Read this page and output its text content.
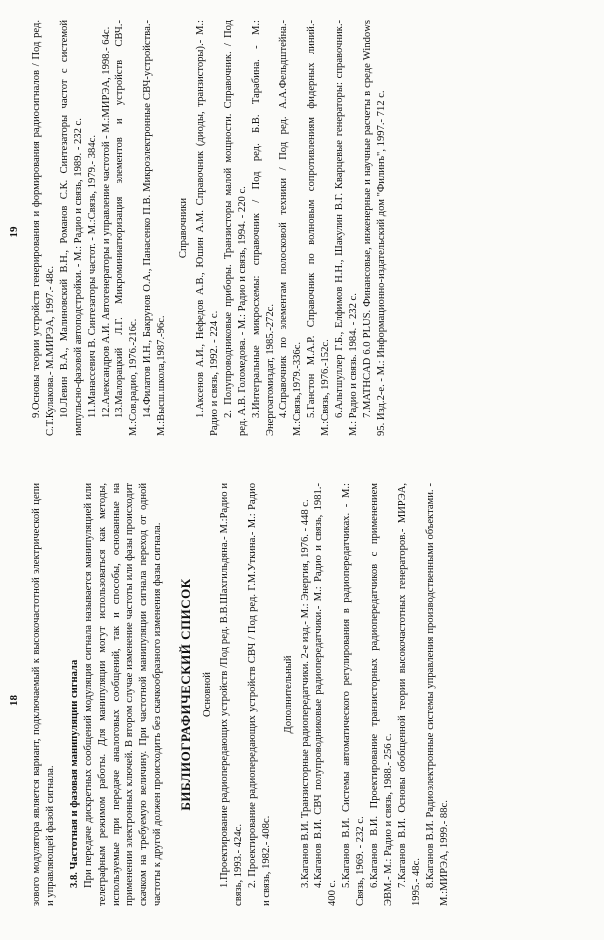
18 зового модулятора является вариант, подключаемый к высокочастотной электрической цепи и управляющей фазой сигнала. 3.8. Частотная и фазовая манипуляции сигнала При передаче дискретных сообщений модуляция сигнала называется манипуляцией или телеграфным режимом работы. Для манипуляции могут использоваться как методы, используемые при передаче аналоговых сообщений, так и способы, основанные на применении электронных ключей. В втором случае изменение частоты или фазы происходит скачком на требуемую величину. При частотной манипуляции сигнала переход от одной частоты к другой должен происходить без скачкообразного изменения фазы сигнала. БИБЛИОГРАФИЧЕСКИЙ СПИСОК Основной 1.Проектирование радиопередающих устройств /Под ред. В.В.Шахгильдяна.- М.:Радио и связь, 1993.- 424с. 2. Проектирование радиопередающих устройств СВЧ / Под ред. Г.М.Уткина.- М.: Радио и связь, 1982.- 408с.

Дополнительный 3.Каганов В.И. Транзисторные радиопередатчики. 2-е изд.- М.: Энергия, 1976. - 448 с. 4.Каганов В.И. СВЧ полупроводниковые радиопередатчики.- М.: Радио и связь, 1981.- 400 с.

5.Каганов В.И. Системы автоматического регулирования в радиопередатчиках. - М.: Связь, 1969. - 232 с. 6.Каганов В.И. Проектирование транзисторных радиопередатчиков с применением ЭВМ.- М.: Радио и связь, 1988.- 256 с. 7.Каганов В.И. Основы обобщенной теории высокочастотных генераторов.- МИРЭА, 1995.- 48с. 8.Каганов В.И. Радиоэлектронные системы управления производственными объектами. - М.:МИРЭА, 1999.- 88с.

19 9.Основы теории устройств генерирования и формирования радиосигналов / Под ред. С.Т.Кулакова.- М.МИРЭА, 1997.- 48с. 10.Левин В.А., Малиновский В.Н., Романов С.К. Синтезаторы частот с системой импульсно-фазовой автоподстройки. - М.: Радио и связь, 1989. - 232 с. 11.Манассевич В. Синтезаторы частот. - М.:Связь, 1979.- 384с. 12.Александров А.И. Автогенераторы и управление частотой - М.:МИРЭА, 1998.- 64с. 13.Малорацкий Л.Г. Микроминиатюризация элементов и устройств СВЧ.- М.:Сов.радио, 1976.-216с. 14.Филатов И.Н., Бакрунов О.А., Панасенко П.В. Микроэлектронные СВЧ-устройства.-М.:Высш.школа,1987.-96с.

Справочники 1.Аксенов А.И., Нефедов А.В., Юшин А.М. Справочник (диоды, транзисторы).- М.: Радио и связь, 1992. - 224 с. 2. Полупроводниковые приборы. Транзисторы малой мощности. Справочник. / Под ред. А.В. Голомедова. - М.: Радио и связь, 1994. - 220 с. 3.Интегральные микросхемы: справочник / Под ред. Б.В. Тарабина. - М.: Энергоатомиздат, 1985.-272с. 4.Справочник по элементам полосковой техники / Под ред. А.А.Фельдштейна.-М.:Связь,1979.-336с. 5.Ганстон М.А.Р. Справочник по волновым сопротивлениям фидерных линий.-М.:Связь, 1976.-152с. 6.Альтшуллер Г.Б., Елфимов Н.Н., Шакулин В.Г. Кварцевые генераторы: справочник.-М.: Радио и связь. 1984. - 232 с. 7.MATHCAD 6.0 PLUS. Финансовые, инженерные и научные расчеты в среде Windows 95. Изд.2-е. - М.: Информационно-издательский дом "Филинъ", 1997.- 712 с.
